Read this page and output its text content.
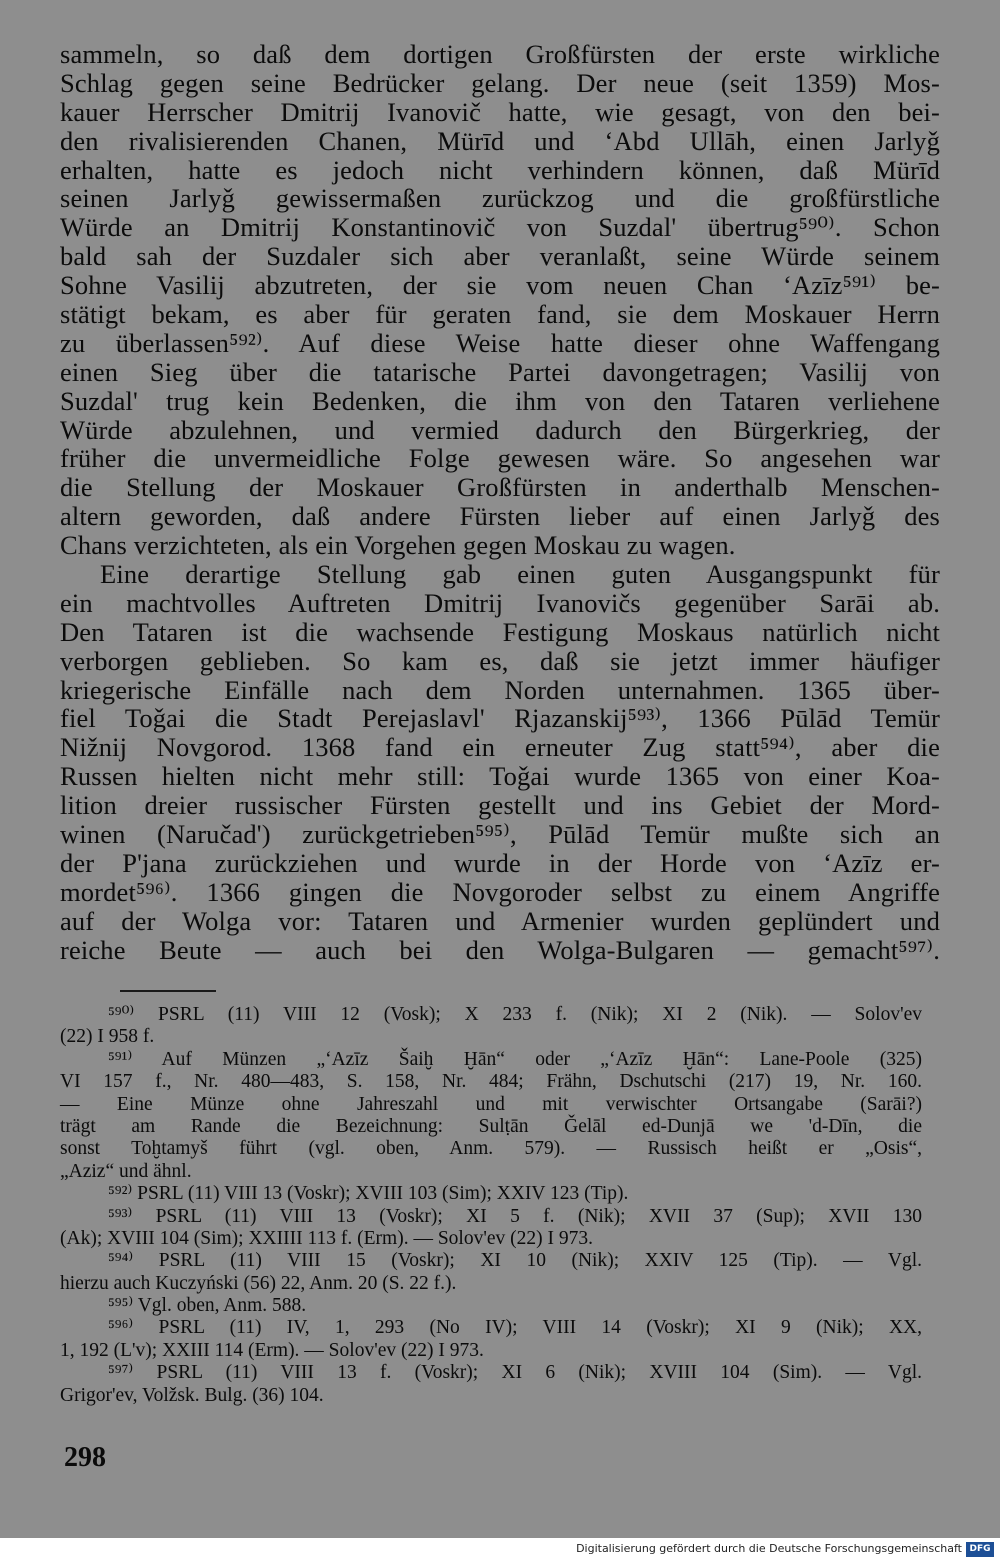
sammeln, so daß dem dortigen Großfürsten der erste wirkliche
Schlag gegen seine Bedrücker gelang. Der neue (seit 1359) Mos-
kauer Herrscher Dmitrij Ivanovič hatte, wie gesagt, von den bei-
den rivalisierenden Chanen, Mürīd und ʻAbd Ullāh, einen Jarlyǧ
erhalten, hatte es jedoch nicht verhindern können, daß Mürīd
seinen Jarlyǧ gewissermaßen zurückzog und die großfürstliche
Würde an Dmitrij Konstantinovič von Suzdal' übertrug⁵⁹⁰⁾. Schon
bald sah der Suzdaler sich aber veranlaßt, seine Würde seinem
Sohne Vasilij abzutreten, der sie vom neuen Chan ʻAzīz⁵⁹¹⁾ be-
stätigt bekam, es aber für geraten fand, sie dem Moskauer Herrn
zu überlassen⁵⁹²⁾. Auf diese Weise hatte dieser ohne Waffengang
einen Sieg über die tatarische Partei davongetragen; Vasilij von
Suzdal' trug kein Bedenken, die ihm von den Tataren verliehene
Würde abzulehnen, und vermied dadurch den Bürgerkrieg, der
früher die unvermeidliche Folge gewesen wäre. So angesehen war
die Stellung der Moskauer Großfürsten in anderthalb Menschen-
altern geworden, daß andere Fürsten lieber auf einen Jarlyǧ des
Chans verzichteten, als ein Vorgehen gegen Moskau zu wagen.
Eine derartige Stellung gab einen guten Ausgangspunkt für
ein machtvolles Auftreten Dmitrij Ivanovičs gegenüber Sarāi ab.
Den Tataren ist die wachsende Festigung Moskaus natürlich nicht
verborgen geblieben. So kam es, daß sie jetzt immer häufiger
kriegerische Einfälle nach dem Norden unternahmen. 1365 über-
fiel Toǧai die Stadt Perejaslavl' Rjazanskij⁵⁹³⁾, 1366 Pūlād Temür
Nižnij Novgorod. 1368 fand ein erneuter Zug statt⁵⁹⁴⁾, aber die
Russen hielten nicht mehr still: Toǧai wurde 1365 von einer Koa-
lition dreier russischer Fürsten gestellt und ins Gebiet der Mord-
winen (Naručad') zurückgetrieben⁵⁹⁵⁾, Pūlād Temür mußte sich an
der P'jana zurückziehen und wurde in der Horde von ʻAzīz er-
mordet⁵⁹⁶⁾. 1366 gingen die Novgoroder selbst zu einem Angriffe
auf der Wolga vor: Tataren und Armenier wurden geplündert und
reiche Beute — auch bei den Wolga-Bulgaren — gemacht⁵⁹⁷⁾.
⁵⁹⁰⁾ PSRL (11) VIII 12 (Vosk); X 233 f. (Nik); XI 2 (Nik). — Solov'ev
(22) I 958 f.
⁵⁹¹⁾ Auf Münzen „ʻAzīz Šaiḫ Ḫān“ oder „ʻAzīz Ḫān“: Lane-Poole (325)
VI 157 f., Nr. 480—483, S. 158, Nr. 484; Frähn, Dschutschi (217) 19, Nr. 160.
— Eine Münze ohne Jahreszahl und mit verwischter Ortsangabe (Sarāi?)
trägt am Rande die Bezeichnung: Sulṭān Ǧelāl ed-Dunjā we 'd-Dīn, die
sonst Toḫtamyš führt (vgl. oben, Anm. 579). — Russisch heißt er „Osis“,
„Aziz“ und ähnl.
⁵⁹²⁾ PSRL (11) VIII 13 (Voskr); XVIII 103 (Sim); XXIV 123 (Tip).
⁵⁹³⁾ PSRL (11) VIII 13 (Voskr); XI 5 f. (Nik); XVII 37 (Sup); XVII 130
(Ak); XVIII 104 (Sim); XXIIII 113 f. (Erm). — Solov'ev (22) I 973.
⁵⁹⁴⁾ PSRL (11) VIII 15 (Voskr); XI 10 (Nik); XXIV 125 (Tip). — Vgl.
hierzu auch Kuczyński (56) 22, Anm. 20 (S. 22 f.).
⁵⁹⁵⁾ Vgl. oben, Anm. 588.
⁵⁹⁶⁾ PSRL (11) IV, 1, 293 (No IV); VIII 14 (Voskr); XI 9 (Nik); XX,
1, 192 (L'v); XXIII 114 (Erm). — Solov'ev (22) I 973.
⁵⁹⁷⁾ PSRL (11) VIII 13 f. (Voskr); XI 6 (Nik); XVIII 104 (Sim). — Vgl.
Grigor'ev, Volžsk. Bulg. (36) 104.
298
Digitalisierung gefördert durch die Deutsche Forschungsgemeinschaft DFG
